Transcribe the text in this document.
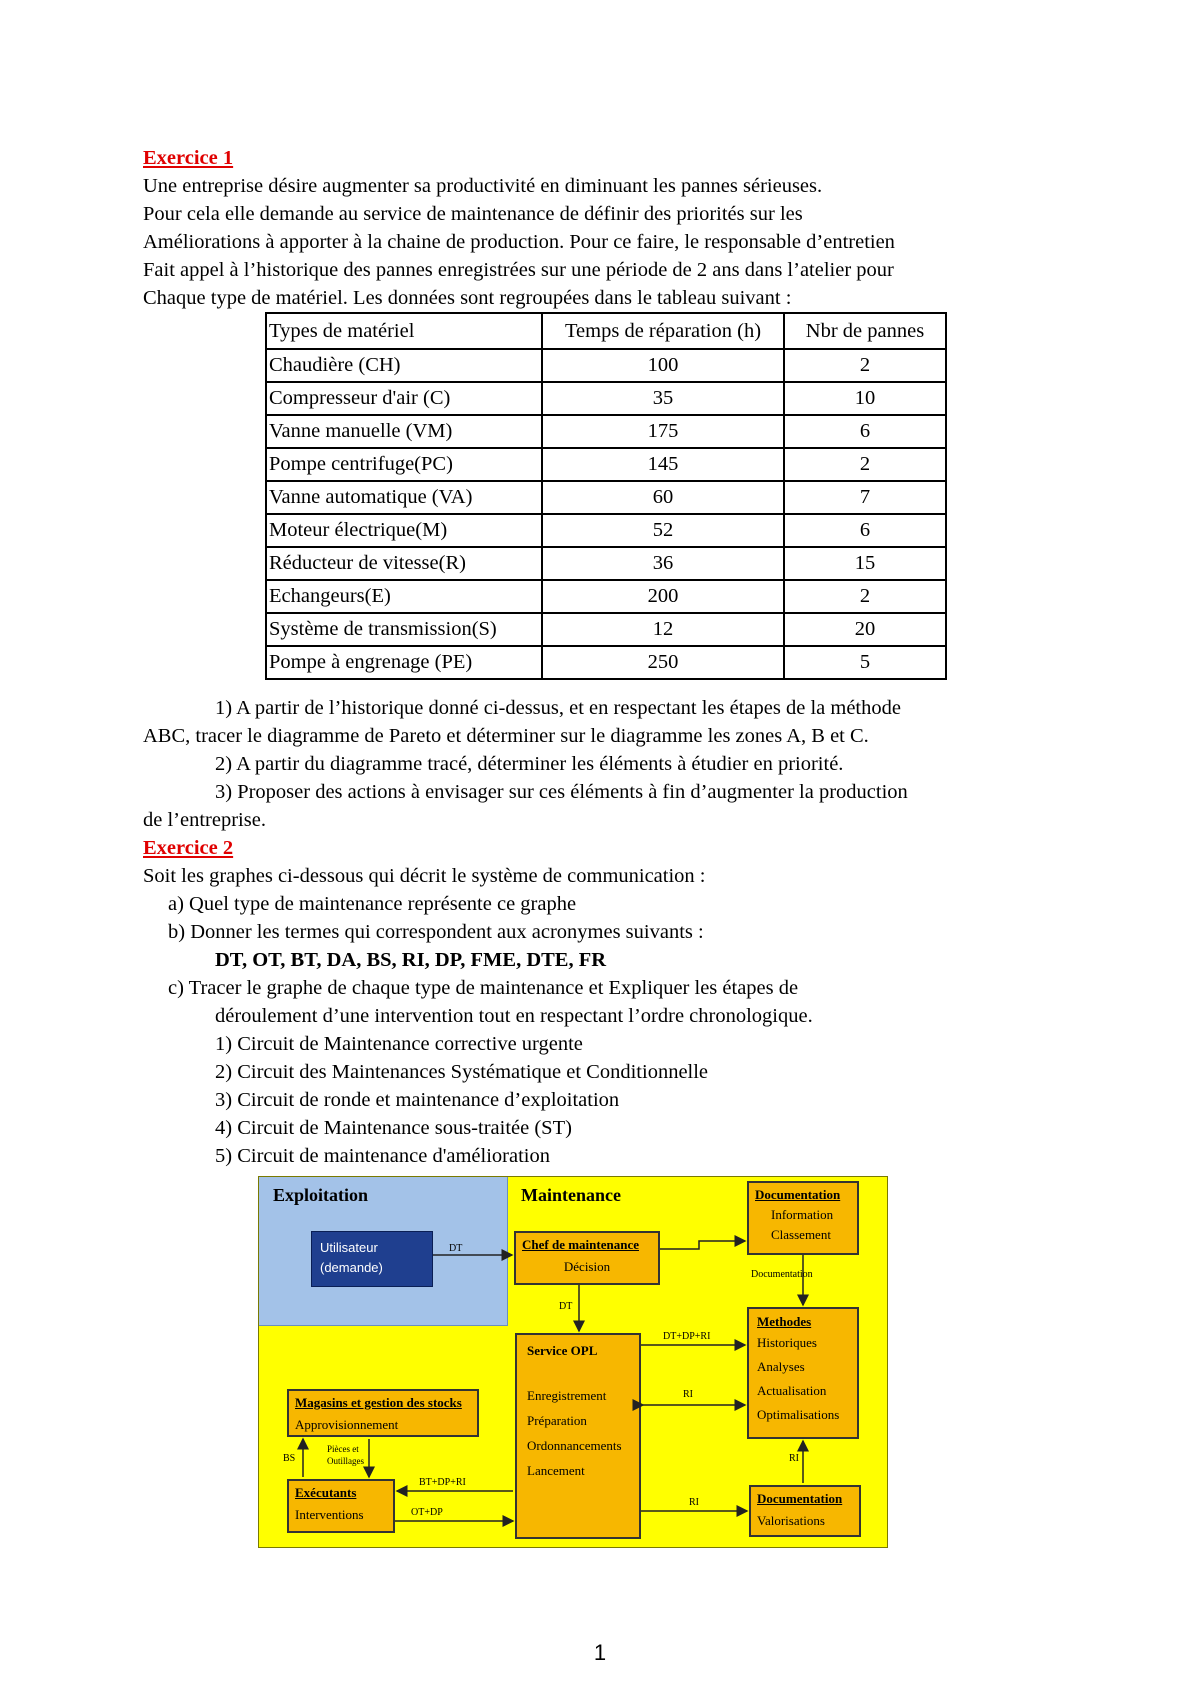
Exercice 1
Une entreprise désire augmenter sa productivité en diminuant les pannes sérieuses.
Pour cela elle demande au service de maintenance de définir des priorités sur les
Améliorations à apporter à la chaine de production. Pour ce faire, le responsable d’entretien
Fait appel à l’historique des pannes enregistrées sur une période de 2 ans dans l’atelier pour
Chaque type de matériel. Les données sont regroupées dans le tableau suivant :
Types de matériel	Temps de réparation (h)	Nbr de pannes
Chaudière (CH)	100	2
Compresseur d'air (C)	35	10
Vanne manuelle (VM)	175	6
Pompe centrifuge(PC)	145	2
Vanne automatique (VA)	60	7
Moteur électrique(M)	52	6
Réducteur de vitesse(R)	36	15
Echangeurs(E)	200	2
Système de transmission(S)	12	20
Pompe à engrenage (PE)	250	5
1) A partir de l’historique donné ci-dessus, et en respectant les étapes de la méthode
ABC, tracer le diagramme de Pareto et déterminer sur le diagramme les zones A, B et C.
2) A partir du diagramme tracé, déterminer les éléments à étudier en priorité.
3) Proposer des actions à envisager sur ces éléments à fin d’augmenter la production
de l’entreprise.
Exercice 2
Soit les graphes ci-dessous qui décrit le système de communication :
a) Quel type de maintenance représente ce graphe
b) Donner les termes qui correspondent aux acronymes suivants :
DT, OT, BT, DA, BS, RI, DP, FME, DTE, FR
c) Tracer le graphe de chaque type de maintenance et Expliquer les étapes de
déroulement d’une intervention tout en respectant l’ordre chronologique.
1) Circuit de Maintenance corrective urgente
2) Circuit des Maintenances Systématique et Conditionnelle
3) Circuit de ronde et maintenance d’exploitation
4) Circuit de Maintenance sous-traitée (ST)
5) Circuit de maintenance d'amélioration
Exploitation	Maintenance
Utilisateur
(demande)
Chef de maintenance
Décision
Documentation
Information
Classement
Methodes
Historiques
Analyses
Actualisation
Optimalisations
Service OPL
Enregistrement
Préparation
Ordonnancements
Lancement
Magasins et gestion des stocks
Approvisionnement
Exécutants
Interventions
Documentation
Valorisations
DT
Documentation
DT
DT+DP+RI
RI
RI
RI
BS
Pièces et
Outillages
BT+DP+RI
OT+DP
1
